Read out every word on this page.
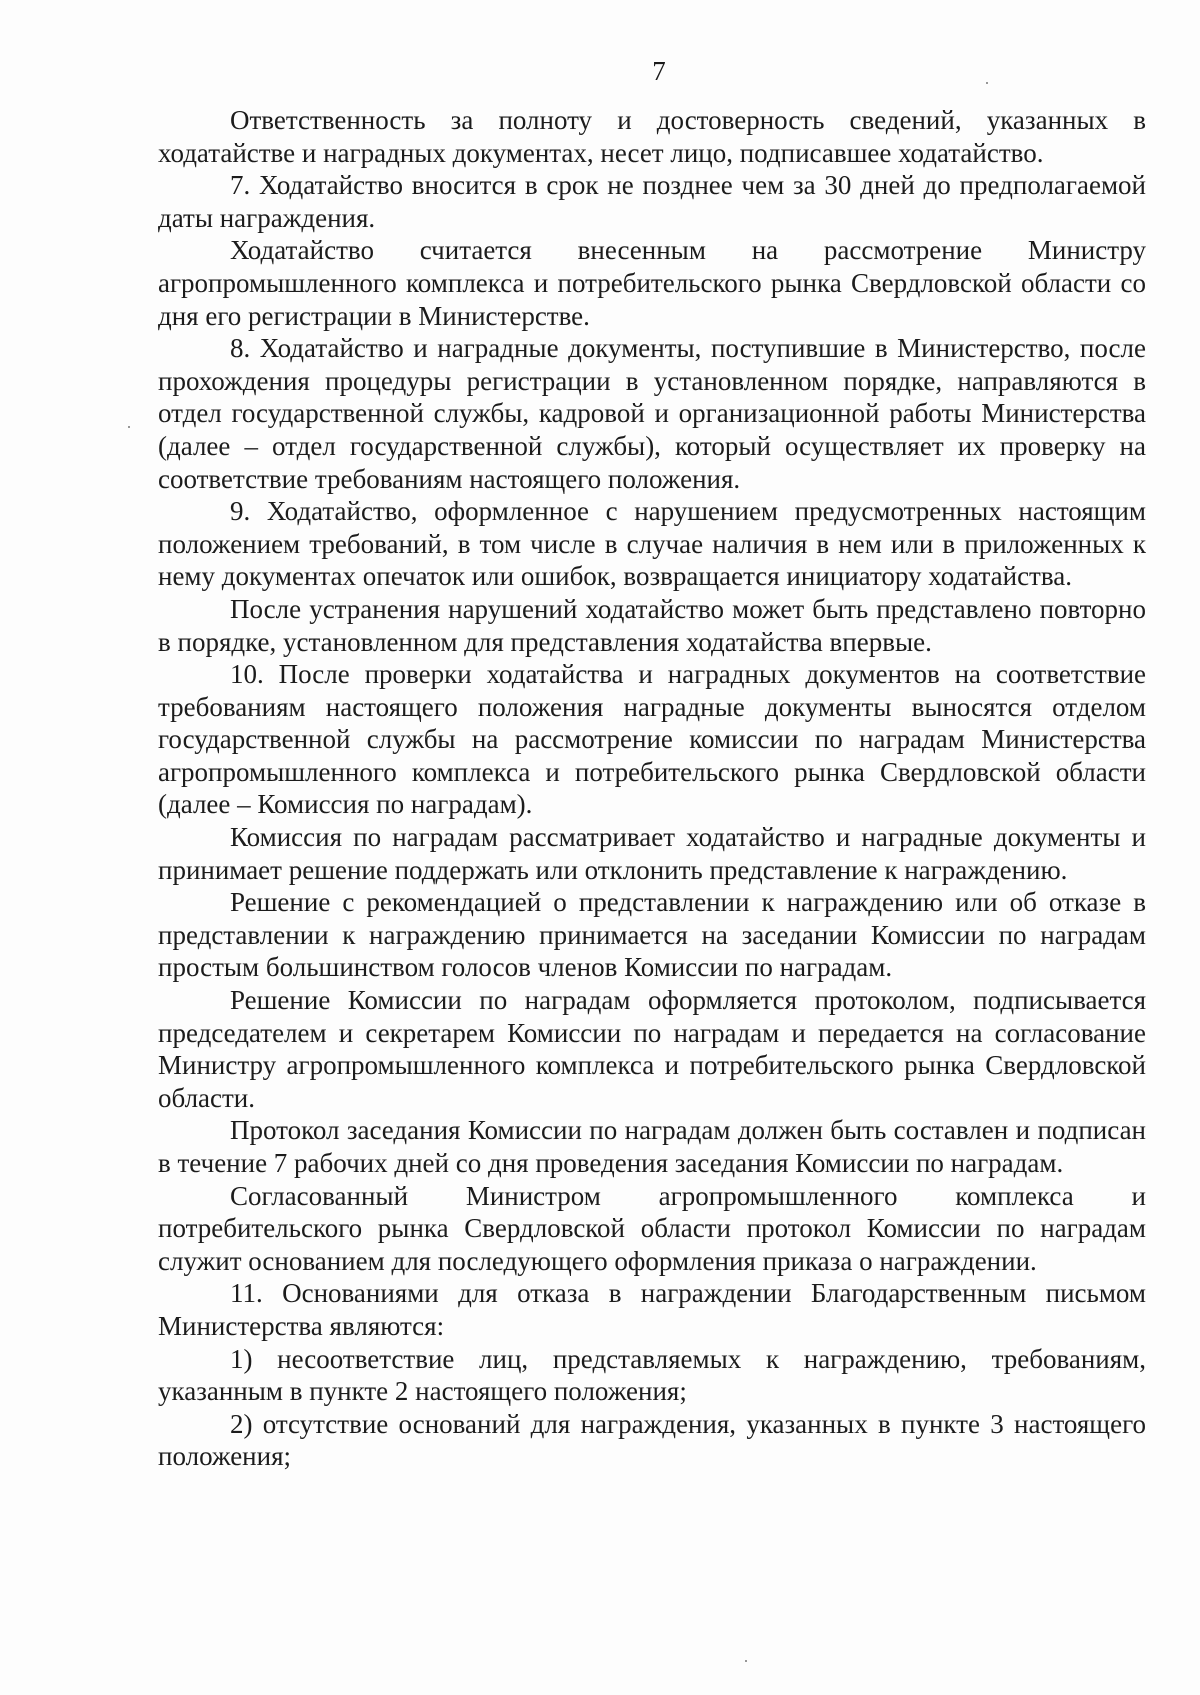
7

Ответственность за полноту и достоверность сведений, указанных в ходатайстве и наградных документах, несет лицо, подписавшее ходатайство.

7. Ходатайство вносится в срок не позднее чем за 30 дней до предполагаемой даты награждения.

Ходатайство считается внесенным на рассмотрение Министру агропромышленного комплекса и потребительского рынка Свердловской области со дня его регистрации в Министерстве.

8. Ходатайство и наградные документы, поступившие в Министерство, после прохождения процедуры регистрации в установленном порядке, направляются в отдел государственной службы, кадровой и организационной работы Министерства (далее – отдел государственной службы), который осуществляет их проверку на соответствие требованиям настоящего положения.

9. Ходатайство, оформленное с нарушением предусмотренных настоящим положением требований, в том числе в случае наличия в нем или в приложенных к нему документах опечаток или ошибок, возвращается инициатору ходатайства.

После устранения нарушений ходатайство может быть представлено повторно в порядке, установленном для представления ходатайства впервые.

10. После проверки ходатайства и наградных документов на соответствие требованиям настоящего положения наградные документы выносятся отделом государственной службы на рассмотрение комиссии по наградам Министерства агропромышленного комплекса и потребительского рынка Свердловской области (далее – Комиссия по наградам).

Комиссия по наградам рассматривает ходатайство и наградные документы и принимает решение поддержать или отклонить представление к награждению.

Решение с рекомендацией о представлении к награждению или об отказе в представлении к награждению принимается на заседании Комиссии по наградам простым большинством голосов членов Комиссии по наградам.

Решение Комиссии по наградам оформляется протоколом, подписывается председателем и секретарем Комиссии по наградам и передается на согласование Министру агропромышленного комплекса и потребительского рынка Свердловской области.

Протокол заседания Комиссии по наградам должен быть составлен и подписан в течение 7 рабочих дней со дня проведения заседания Комиссии по наградам.

Согласованный Министром агропромышленного комплекса и потребительского рынка Свердловской области протокол Комиссии по наградам служит основанием для последующего оформления приказа о награждении.

11. Основаниями для отказа в награждении Благодарственным письмом Министерства являются:

1) несоответствие лиц, представляемых к награждению, требованиям, указанным в пункте 2 настоящего положения;

2) отсутствие оснований для награждения, указанных в пункте 3 настоящего положения;
